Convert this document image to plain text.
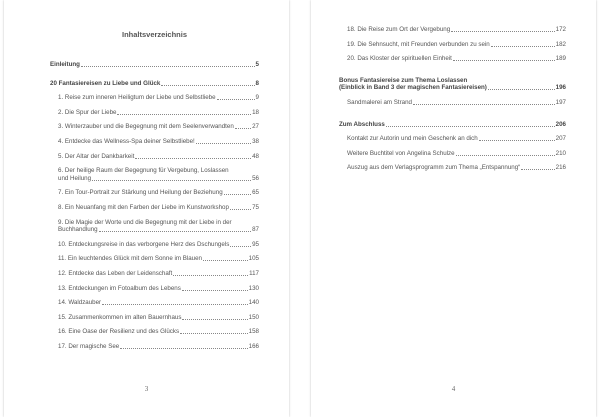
Inhaltsverzeichnis
Einleitung	5
20 Fantasiereisen zu Liebe und Glück	8
1. Reise zum inneren Heiligtum der Liebe und Selbstliebe	9
2. Die Spur der Liebe	18
3. Winterzauber und die Begegnung mit dem Seelenverwandten	27
4. Entdecke das Wellness-Spa deiner Selbstliebe!	38
5. Der Altar der Dankbarkeit	48
6. Der heilige Raum der Begegnung für Vergebung, Loslassen
und Heilung	56
7. Ein Tour-Portrait zur Stärkung und Heilung der Beziehung	65
8. Ein Neuanfang mit den Farben der Liebe im Kunstworkshop	75
9. Die Magie der Worte und die Begegnung mit der Liebe in der
Buchhandlung	87
10. Entdeckungsreise in das verborgene Herz des Dschungels	95
11. Ein leuchtendes Glück mit dem Sonne im Blauen	105
12. Entdecke das Leben der Leidenschaft	117
13. Entdeckungen im Fotoalbum des Lebens	130
14. Waldzauber	140
15. Zusammenkommen im alten Bauernhaus	150
16. Eine Oase der Resilienz und des Glücks	158
17. Der magische See	166
3
18. Die Reise zum Ort der Vergebung	172
19. Die Sehnsucht, mit Freunden verbunden zu sein	182
20. Das Kloster der spirituellen Einheit	189
Bonus Fantasiereise zum Thema Loslassen
(Einblick in Band 3 der magischen Fantasiereisen)	196
Sandmalerei am Strand	197
Zum Abschluss	206
Kontakt zur Autorin und mein Geschenk an dich	207
Weitere Buchtitel von Angelina Schulze	210
Auszug aus dem Verlagsprogramm zum Thema „Entspannung“	216
4
